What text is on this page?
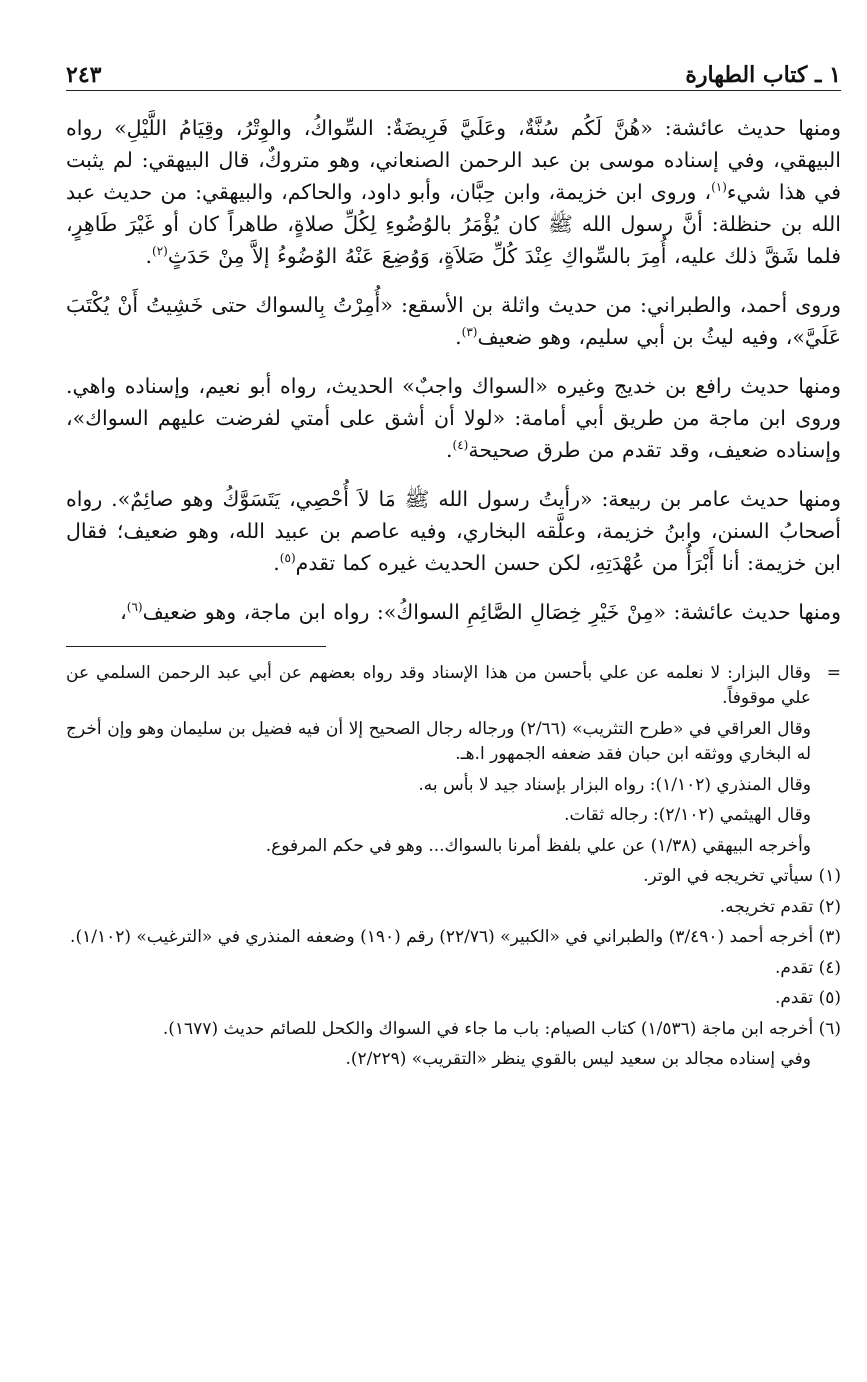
١ ـ كتاب الطهارة
٢٤٣

ومنها حديث عائشة: «هُنَّ لَكُم سُنَّةٌ، وعَلَيَّ فَرِيضَةٌ: السِّواكُ، والوِتْرُ، وقِيَامُ اللَّيْلِ» رواه البيهقي، وفي إسناده موسى بن عبد الرحمن الصنعاني، وهو متروكٌ، قال البيهقي: لم يثبت في هذا شيء$^{(١)}$، وروى ابن خزيمة، وابن حِبَّان، وأبو داود، والحاكم، والبيهقي: من حديث عبد الله بن حنظلة: أنَّ رسول الله ﷺ كان يُؤْمَرُ بالوُضُوءِ لِكُلِّ صلاةٍ، طاهراً كان أو غَيْرَ طَاهِرٍ، فلما شَقَّ ذلك عليه، أُمِرَ بالسِّواكِ عِنْدَ كُلِّ صَلاَةٍ، وَوُضِعَ عَنْهُ الوُضُوءُ إلاَّ مِنْ حَدَثٍ$^{(٢)}$.

وروى أحمد، والطبراني: من حديث واثلة بن الأسقع: «أُمِرْتُ بِالسواك حتى خَشِيتُ أَنْ يُكْتَبَ عَلَيَّ»، وفيه ليثُ بن أبي سليم، وهو ضعيف$^{(٣)}$.

ومنها حديث رافع بن خديج وغيره «السواك واجبٌ» الحديث، رواه أبو نعيم، وإسناده واهي. وروى ابن ماجة من طريق أبي أمامة: «لولا أن أشق على أمتي لفرضت عليهم السواك»، وإسناده ضعيف، وقد تقدم من طرق صحيحة$^{(٤)}$.

ومنها حديث عامر بن ربيعة: «رأيتُ رسول الله ﷺ مَا لاَ أُحْصِي، يَتَسَوَّكُ وهو صائِمٌ». رواه أصحابُ السنن، وابنُ خزيمة، وعلَّقه البخاري، وفيه عاصم بن عبيد الله، وهو ضعيف؛ فقال ابن خزيمة: أنا أَبْرَأُ من عُهْدَتِهِ، لكن حسن الحديث غيره كما تقدم$^{(٥)}$.

ومنها حديث عائشة: «مِنْ خَيْرِ خِصَالِ الصَّائِمِ السواكُ»: رواه ابن ماجة، وهو ضعيف$^{(٦)}$،

=وقال البزار: لا نعلمه عن علي بأحسن من هذا الإسناد وقد رواه بعضهم عن أبي عبد الرحمن السلمي عن علي موقوفاً.

وقال العراقي في «طرح التثريب» (٢/٦٦) ورجاله رجال الصحيح إلا أن فيه فضيل بن سليمان وهو وإن أخرج له البخاري ووثقه ابن حبان فقد ضعفه الجمهور ا.هـ.

وقال المنذري (١/١٠٢): رواه البزار بإسناد جيد لا بأس به.

وقال الهيثمي (٢/١٠٢): رجاله ثقات.

وأخرجه البيهقي (١/٣٨) عن علي بلفظ أمرنا بالسواك... وهو في حكم المرفوع.

(١) سيأتي تخريجه في الوتر.

(٢) تقدم تخريجه.

(٣) أخرجه أحمد (٣/٤٩٠) والطبراني في «الكبير» (٢٢/٧٦) رقم (١٩٠) وضعفه المنذري في «الترغيب» (١/١٠٢).

(٤) تقدم.

(٥) تقدم.

(٦) أخرجه ابن ماجة (١/٥٣٦) كتاب الصيام: باب ما جاء في السواك والكحل للصائم حديث (١٦٧٧).

وفي إسناده مجالد بن سعيد ليس بالقوي ينظر «التقريب» (٢/٢٢٩).
